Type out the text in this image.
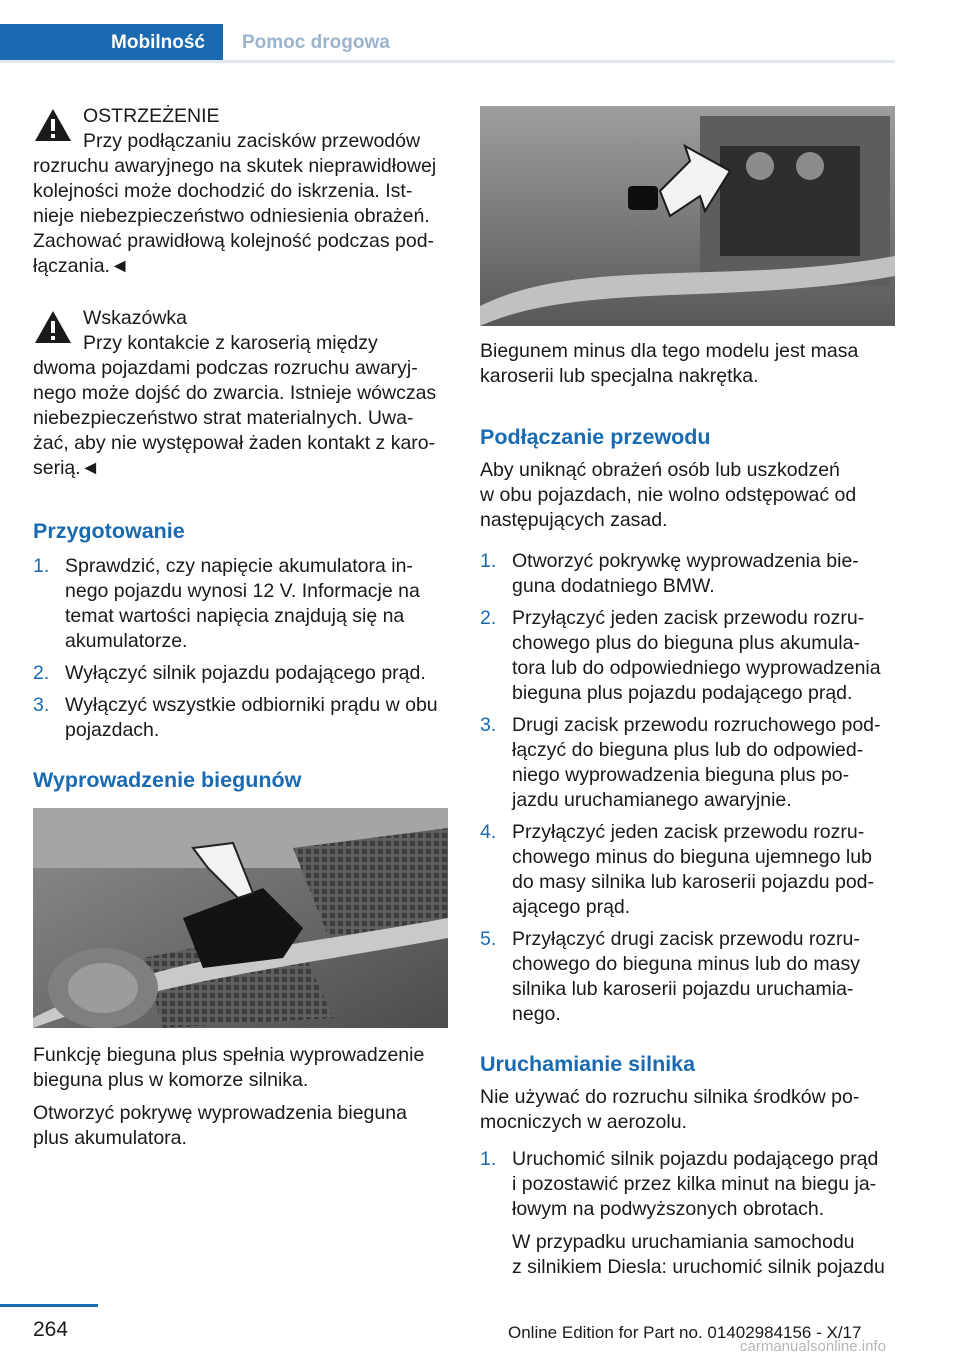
Mobilność	Pomoc drogowa
OSTRZEŻENIE
Przy podłączaniu zacisków przewodów
rozruchu awaryjnego na skutek nieprawidłowej
kolejności może dochodzić do iskrzenia. Ist-
nieje niebezpieczeństwo odniesienia obrażeń.
Zachować prawidłową kolejność podczas pod-
łączania.◄
Wskazówka
Przy kontakcie z karoserią między
dwoma pojazdami podczas rozruchu awaryj-
nego może dojść do zwarcia. Istnieje wówczas
niebezpieczeństwo strat materialnych. Uwa-
żać, aby nie występował żaden kontakt z karo-
serią.◄
Przygotowanie
1. Sprawdzić, czy napięcie akumulatora in-
nego pojazdu wynosi 12 V. Informacje na
temat wartości napięcia znajdują się na
akumulatorze.
2. Wyłączyć silnik pojazdu podającego prąd.
3. Wyłączyć wszystkie odbiorniki prądu w obu
pojazdach.
Wyprowadzenie biegunów

Funkcję bieguna plus spełnia wyprowadzenie

bieguna plus w komorze silnika.

Otworzyć pokrywę wyprowadzenia bieguna

plus akumulatora.

Biegunem minus dla tego modelu jest masa

karoserii lub specjalna nakrętka.

Podłączanie przewodu

Aby uniknąć obrażeń osób lub uszkodzeń

w obu pojazdach, nie wolno odstępować od

następujących zasad.

1. Otworzyć pokrywkę wyprowadzenia bie-
guna dodatniego BMW.
2. Przyłączyć jeden zacisk przewodu rozru-
chowego plus do bieguna plus akumula-
tora lub do odpowiedniego wyprowadzenia
bieguna plus pojazdu podającego prąd.
3. Drugi zacisk przewodu rozruchowego pod-
łączyć do bieguna plus lub do odpowied-
niego wyprowadzenia bieguna plus po-
jazdu uruchamianego awaryjnie.
4. Przyłączyć jeden zacisk przewodu rozru-
chowego minus do bieguna ujemnego lub
do masy silnika lub karoserii pojazdu pod-
ającego prąd.
5. Przyłączyć drugi zacisk przewodu rozru-
chowego do bieguna minus lub do masy
silnika lub karoserii pojazdu uruchamia-
nego.
Uruchamianie silnika

Nie używać do rozruchu silnika środków po-

mocniczych w aerozolu.

1. Uruchomić silnik pojazdu podającego prąd
i pozostawić przez kilka minut na biegu ja-
łowym na podwyższonych obrotach.
W przypadku uruchamiania samochodu
z silnikiem Diesla: uruchomić silnik pojazdu
264	Online Edition for Part no. 01402984156 - X/17
carmanualsonline.info
